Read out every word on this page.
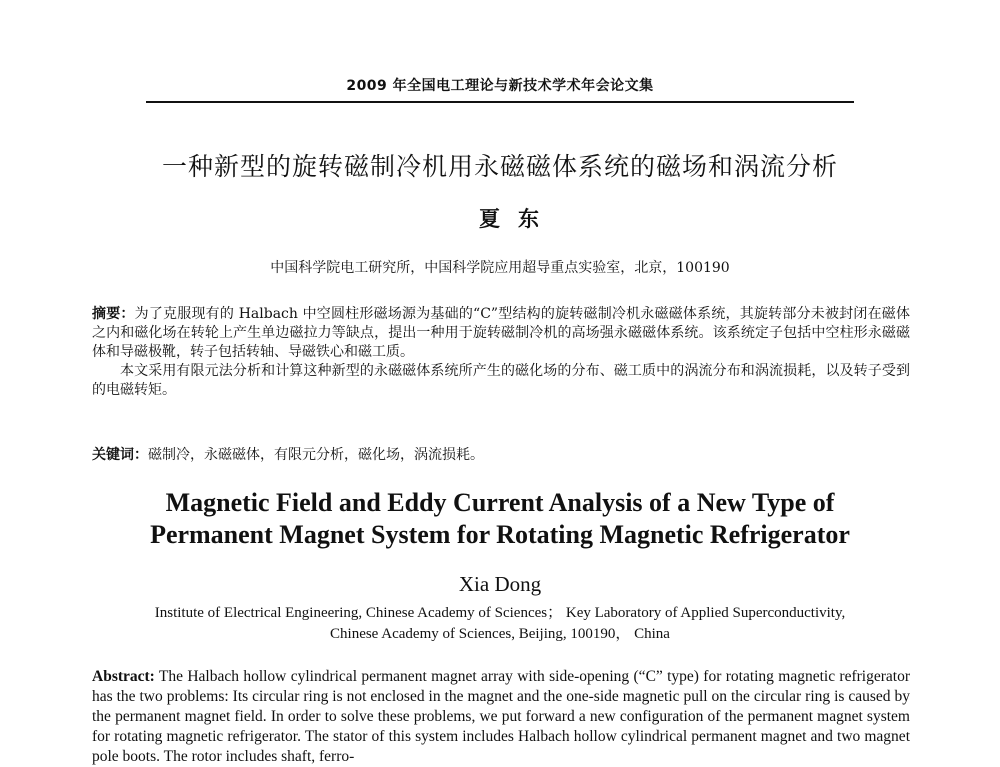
2009 年全国电工理论与新技术学术年会论文集
一种新型的旋转磁制冷机用永磁磁体系统的磁场和涡流分析
夏东
中国科学院电工研究所，中国科学院应用超导重点实验室，北京，100190

摘要：为了克服现有的 Halbach 中空圆柱形磁场源为基础的“C”型结构的旋转磁制冷机永磁磁体系统，其旋转部分未被封闭在磁体之内和磁化场在转轮上产生单边磁拉力等缺点，提出一种用于旋转磁制冷机的高场强永磁磁体系统。该系统定子包括中空柱形永磁磁体和导磁极靴，转子包括转轴、导磁铁心和磁工质。

本文采用有限元法分析和计算这种新型的永磁磁体系统所产生的磁化场的分布、磁工质中的涡流分布和涡流损耗，以及转子受到的电磁转矩。

关键词：磁制冷，永磁磁体，有限元分析，磁化场，涡流损耗。
Magnetic Field and Eddy Current Analysis of a New Type of
Permanent Magnet System for Rotating Magnetic Refrigerator
Xia Dong
Institute of Electrical Engineering, Chinese Academy of Sciences； Key Laboratory of Applied Superconductivity,
Chinese Academy of Sciences, Beijing, 100190， China
Abstract: The Halbach hollow cylindrical permanent magnet array with side-opening (“C” type) for rotating magnetic refrigerator has the two problems: Its circular ring is not enclosed in the magnet and the one-side magnetic pull on the circular ring is caused by the permanent magnet field. In order to solve these problems, we put forward a new configuration of the permanent magnet system for rotating magnetic refrigerator. The stator of this system includes Halbach hollow cylindrical permanent magnet and two magnet pole boots. The rotor includes shaft, ferro-
